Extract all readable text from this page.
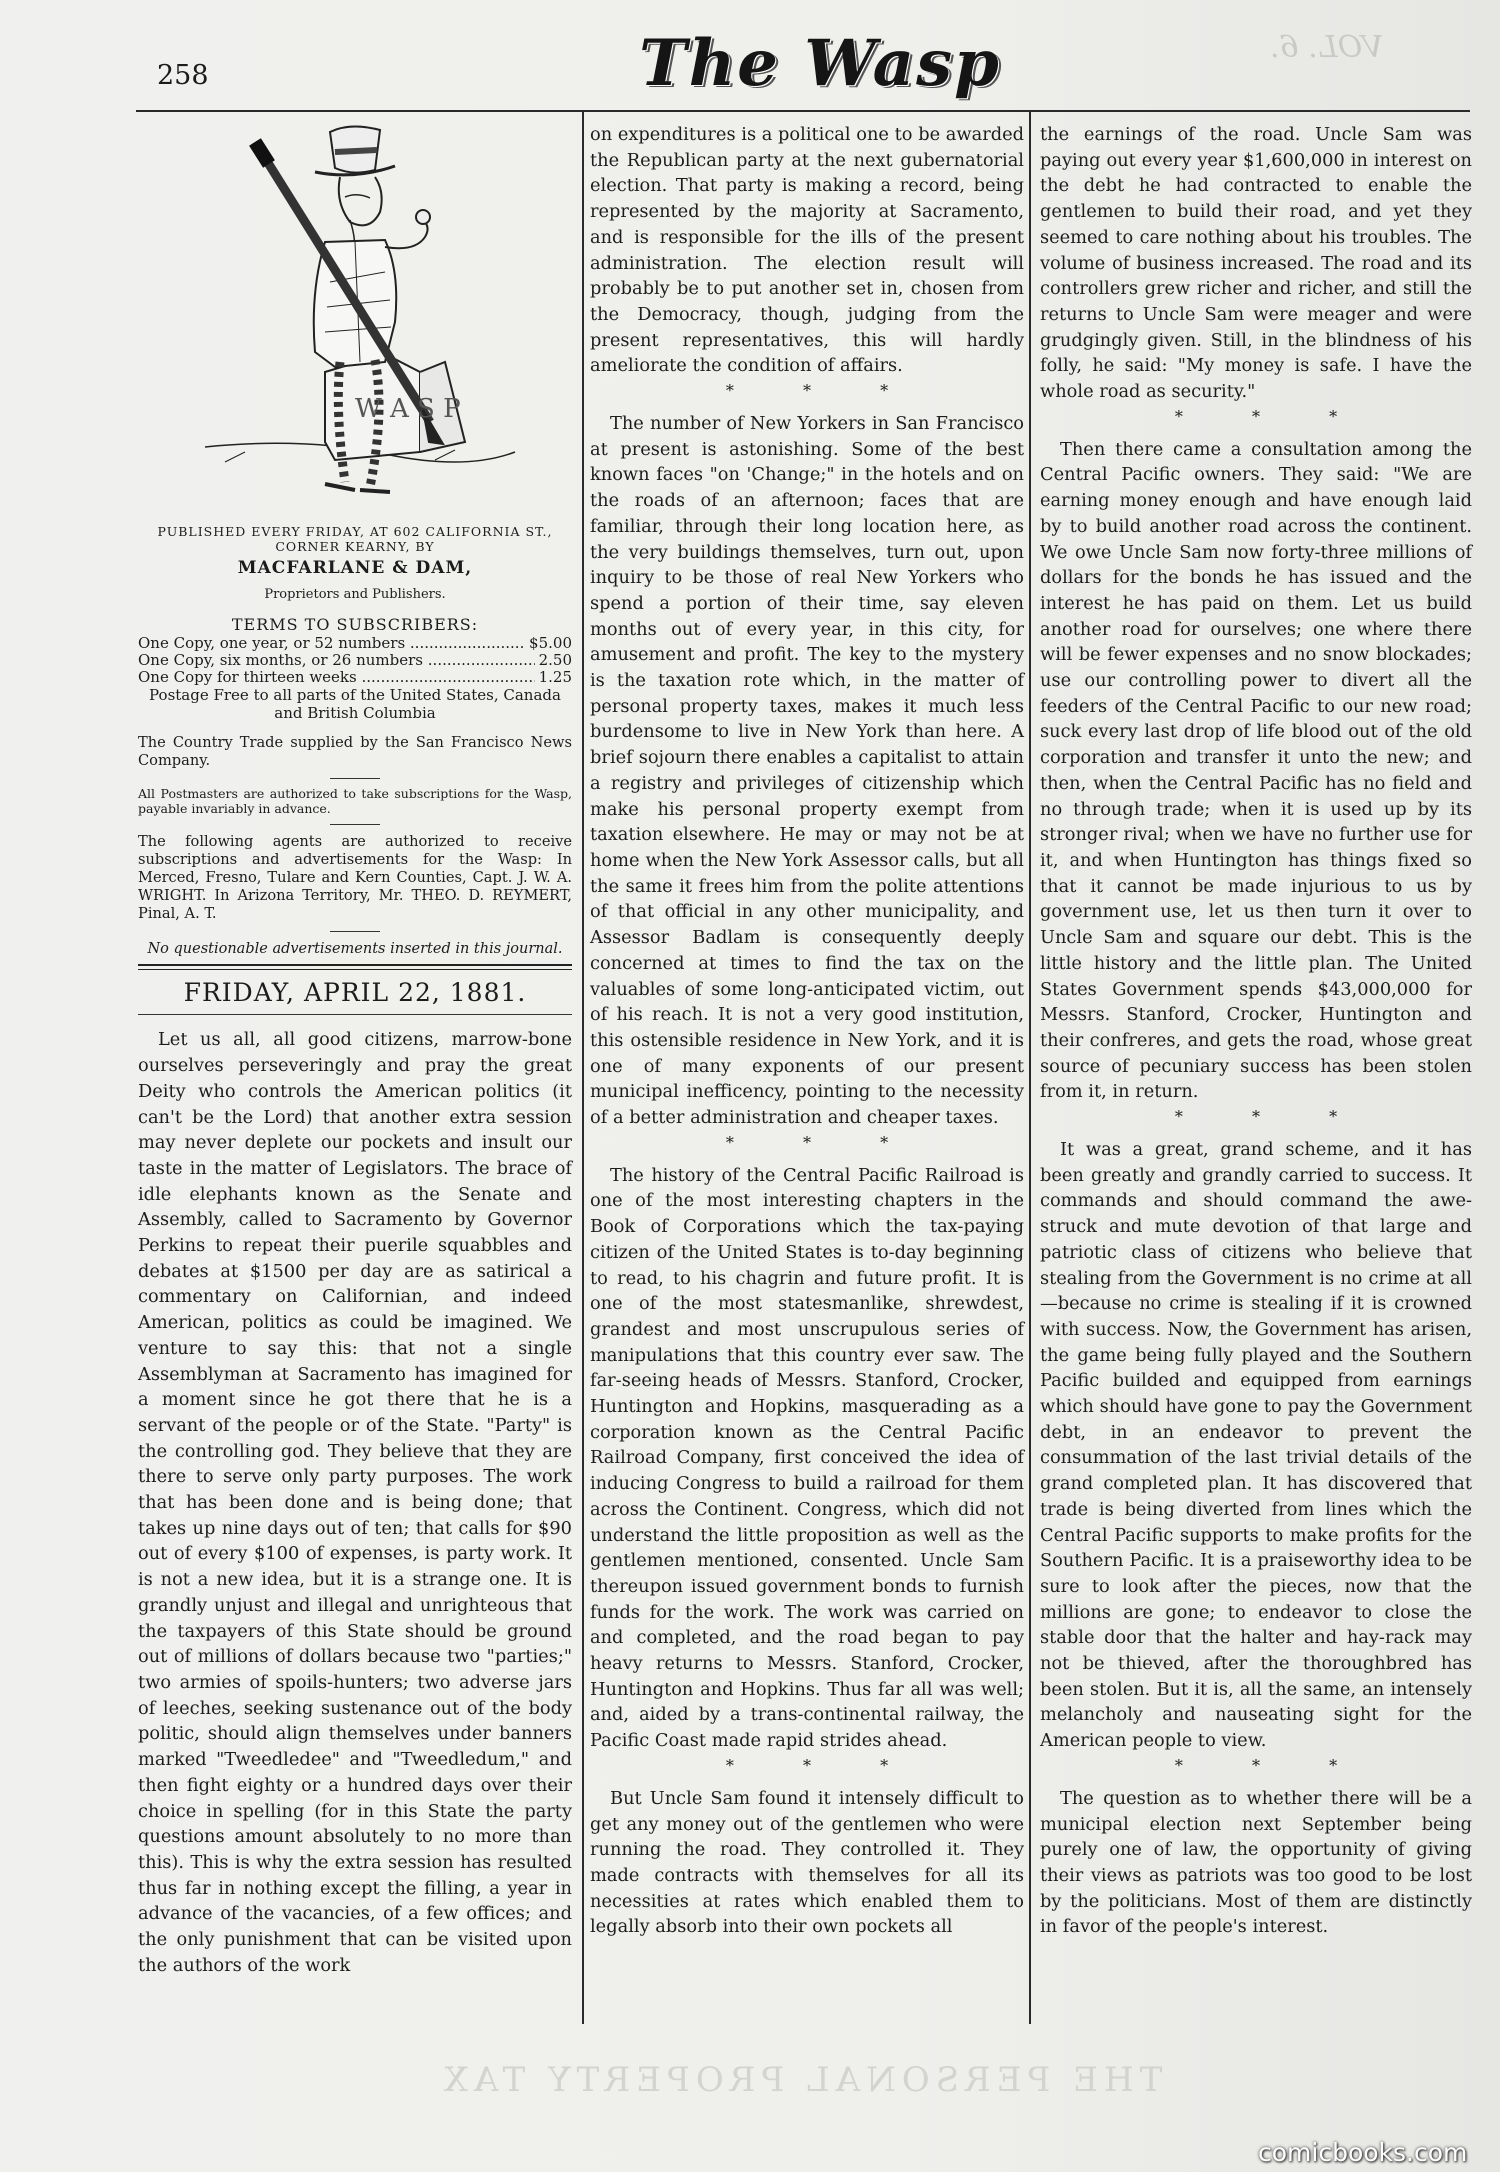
258	The Wasp	VOL. 6.
W A S P
PUBLISHED EVERY FRIDAY, AT 602 CALIFORNIA ST.,
CORNER KEARNY, BY
MACFARLANE & DAM,
Proprietors and Publishers.
TERMS TO SUBSCRIBERS:
One Copy, one year, or 52 numbers .....	$5.00
One Copy, six months, or 26 numbers .....	2.50
One Copy for thirteen weeks .....	1.25
Postage Free to all parts of the United States, Canada and British Columbia
The Country Trade supplied by the San Francisco News Company.
All Postmasters are authorized to take subscriptions for the Wasp, payable invariably in advance.
The following agents are authorized to receive subscriptions and advertisements for the Wasp: In Merced, Fresno, Tulare and Kern Counties, Capt. J. W. A. WRIGHT. In Arizona Territory, Mr. THEO. D. REYMERT, Pinal, A. T.
No questionable advertisements inserted in this journal.
FRIDAY, APRIL 22, 1881.

Let us all, all good citizens, marrow-bone ourselves perseveringly and pray the great Deity who controls the American politics (it can't be the Lord) that another extra session may never deplete our pockets and insult our taste in the matter of Legislators. The brace of idle elephants known as the Senate and Assembly, called to Sacramento by Governor Perkins to repeat their puerile squabbles and debates at $1500 per day are as satirical a commentary on Californian, and indeed American, politics as could be imagined. We venture to say this: that not a single Assemblyman at Sacramento has imagined for a moment since he got there that he is a servant of the people or of the State. "Party" is the controlling god. They believe that they are there to serve only party purposes. The work that has been done and is being done; that takes up nine days out of ten; that calls for $90 out of every $100 of expenses, is party work. It is not a new idea, but it is a strange one. It is grandly unjust and illegal and unrighteous that the taxpayers of this State should be ground out of millions of dollars because two "parties;" two armies of spoils-hunters; two adverse jars of leeches, seeking sustenance out of the body politic, should align themselves under banners marked "Tweedledee" and "Tweedledum," and then fight eighty or a hundred days over their choice in spelling (for in this State the party questions amount absolutely to no more than this). This is why the extra session has resulted thus far in nothing except the filling, a year in advance of the vacancies, of a few offices; and the only punishment that can be visited upon the authors of the work

on expenditures is a political one to be awarded the Republican party at the next gubernatorial election. That party is making a record, being represented by the majority at Sacramento, and is responsible for the ills of the present administration. The election result will probably be to put another set in, chosen from the Democracy, though, judging from the present representatives, this will hardly ameliorate the condition of affairs.

* * *

The number of New Yorkers in San Francisco at present is astonishing. Some of the best known faces "on 'Change;" in the hotels and on the roads of an afternoon; faces that are familiar, through their long location here, as the very buildings themselves, turn out, upon inquiry to be those of real New Yorkers who spend a portion of their time, say eleven months out of every year, in this city, for amusement and profit. The key to the mystery is the taxation rote which, in the matter of personal property taxes, makes it much less burdensome to live in New York than here. A brief sojourn there enables a capitalist to attain a registry and privileges of citizenship which make his personal property exempt from taxation elsewhere. He may or may not be at home when the New York Assessor calls, but all the same it frees him from the polite attentions of that official in any other municipality, and Assessor Badlam is consequently deeply concerned at times to find the tax on the valuables of some long-anticipated victim, out of his reach. It is not a very good institution, this ostensible residence in New York, and it is one of many exponents of our present municipal inefficency, pointing to the necessity of a better administration and cheaper taxes.

* * *

The history of the Central Pacific Railroad is one of the most interesting chapters in the Book of Corporations which the tax-paying citizen of the United States is to-day beginning to read, to his chagrin and future profit. It is one of the most statesmanlike, shrewdest, grandest and most unscrupulous series of manipulations that this country ever saw. The far-seeing heads of Messrs. Stanford, Crocker, Huntington and Hopkins, masquerading as a corporation known as the Central Pacific Railroad Company, first conceived the idea of inducing Congress to build a railroad for them across the Continent. Congress, which did not understand the little proposition as well as the gentlemen mentioned, consented. Uncle Sam thereupon issued government bonds to furnish funds for the work. The work was carried on and completed, and the road began to pay heavy returns to Messrs. Stanford, Crocker, Huntington and Hopkins. Thus far all was well; and, aided by a trans-continental railway, the Pacific Coast made rapid strides ahead.

* * *

But Uncle Sam found it intensely difficult to get any money out of the gentlemen who were running the road. They controlled it. They made contracts with themselves for all its necessities at rates which enabled them to legally absorb into their own pockets all

the earnings of the road. Uncle Sam was paying out every year $1,600,000 in interest on the debt he had contracted to enable the gentlemen to build their road, and yet they seemed to care nothing about his troubles. The volume of business increased. The road and its controllers grew richer and richer, and still the returns to Uncle Sam were meager and were grudgingly given. Still, in the blindness of his folly, he said: "My money is safe. I have the whole road as security."

* * *

Then there came a consultation among the Central Pacific owners. They said: "We are earning money enough and have enough laid by to build another road across the continent. We owe Uncle Sam now forty-three millions of dollars for the bonds he has issued and the interest he has paid on them. Let us build another road for ourselves; one where there will be fewer expenses and no snow blockades; use our controlling power to divert all the feeders of the Central Pacific to our new road; suck every last drop of life blood out of the old corporation and transfer it unto the new; and then, when the Central Pacific has no field and no through trade; when it is used up by its stronger rival; when we have no further use for it, and when Huntington has things fixed so that it cannot be made injurious to us by government use, let us then turn it over to Uncle Sam and square our debt. This is the little history and the little plan. The United States Government spends $43,000,000 for Messrs. Stanford, Crocker, Huntington and their confreres, and gets the road, whose great source of pecuniary success has been stolen from it, in return.

* * *

It was a great, grand scheme, and it has been greatly and grandly carried to success. It commands and should command the awe-struck and mute devotion of that large and patriotic class of citizens who believe that stealing from the Government is no crime at all—because no crime is stealing if it is crowned with success. Now, the Government has arisen, the game being fully played and the Southern Pacific builded and equipped from earnings which should have gone to pay the Government debt, in an endeavor to prevent the consummation of the last trivial details of the grand completed plan. It has discovered that trade is being diverted from lines which the Central Pacific supports to make profits for the Southern Pacific. It is a praiseworthy idea to be sure to look after the pieces, now that the millions are gone; to endeavor to close the stable door that the halter and hay-rack may not be thieved, after the thoroughbred has been stolen. But it is, all the same, an intensely melancholy and nauseating sight for the American people to view.

* * *

The question as to whether there will be a municipal election next September being purely one of law, the opportunity of giving their views as patriots was too good to be lost by the politicians. Most of them are distinctly in favor of the people's interest.

THE PERSONAL PROPERTY TAX
comicbooks.com
